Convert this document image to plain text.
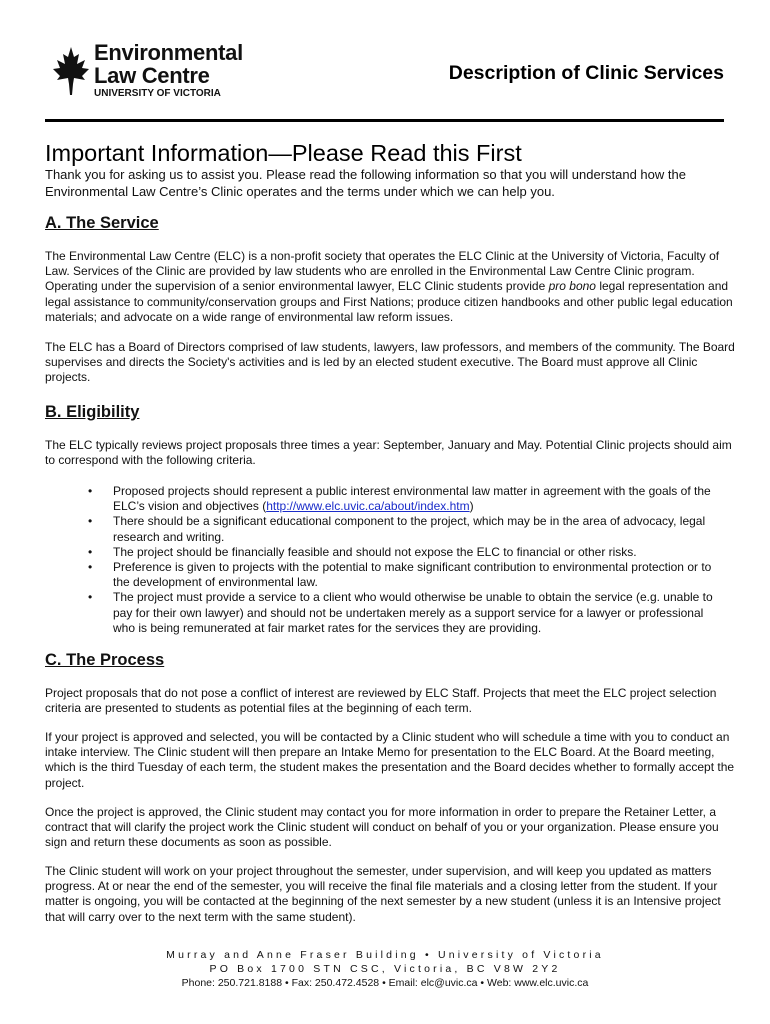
Environmental
Law Centre
UNIVERSITY OF VICTORIA
Description of Clinic Services
Important Information—Please Read this First
Thank you for asking us to assist you. Please read the following information so that you will understand how the Environmental Law Centre’s Clinic operates and the terms under which we can help you.
A. The Service
The Environmental Law Centre (ELC) is a non-profit society that operates the ELC Clinic at the University of Victoria, Faculty of Law. Services of the Clinic are provided by law students who are enrolled in the Environmental Law Centre Clinic program. Operating under the supervision of a senior environmental lawyer, ELC Clinic students provide pro bono legal representation and legal assistance to community/conservation groups and First Nations; produce citizen handbooks and other public legal education materials; and advocate on a wide range of environmental law reform issues.
The ELC has a Board of Directors comprised of law students, lawyers, law professors, and members of the community. The Board supervises and directs the Society's activities and is led by an elected student executive. The Board must approve all Clinic projects.
B. Eligibility
The ELC typically reviews project proposals three times a year: September, January and May. Potential Clinic projects should aim to correspond with the following criteria.
• Proposed projects should represent a public interest environmental law matter in agreement with the goals of the ELC’s vision and objectives (http://www.elc.uvic.ca/about/index.htm)
• There should be a significant educational component to the project, which may be in the area of advocacy, legal research and writing.
• The project should be financially feasible and should not expose the ELC to financial or other risks.
• Preference is given to projects with the potential to make significant contribution to environmental protection or to the development of environmental law.
• The project must provide a service to a client who would otherwise be unable to obtain the service (e.g. unable to pay for their own lawyer) and should not be undertaken merely as a support service for a lawyer or professional who is being remunerated at fair market rates for the services they are providing.
C. The Process
Project proposals that do not pose a conflict of interest are reviewed by ELC Staff. Projects that meet the ELC project selection criteria are presented to students as potential files at the beginning of each term.
If your project is approved and selected, you will be contacted by a Clinic student who will schedule a time with you to conduct an intake interview. The Clinic student will then prepare an Intake Memo for presentation to the ELC Board. At the Board meeting, which is the third Tuesday of each term, the student makes the presentation and the Board decides whether to formally accept the project.
Once the project is approved, the Clinic student may contact you for more information in order to prepare the Retainer Letter, a contract that will clarify the project work the Clinic student will conduct on behalf of you or your organization. Please ensure you sign and return these documents as soon as possible.
The Clinic student will work on your project throughout the semester, under supervision, and will keep you updated as matters progress. At or near the end of the semester, you will receive the final file materials and a closing letter from the student. If your matter is ongoing, you will be contacted at the beginning of the next semester by a new student (unless it is an Intensive project that will carry over to the next term with the same student).
Murray and Anne Fraser Building • University of Victoria
PO Box 1700 STN CSC, Victoria, BC V8W 2Y2
Phone: 250.721.8188 • Fax: 250.472.4528 • Email: elc@uvic.ca • Web: www.elc.uvic.ca
